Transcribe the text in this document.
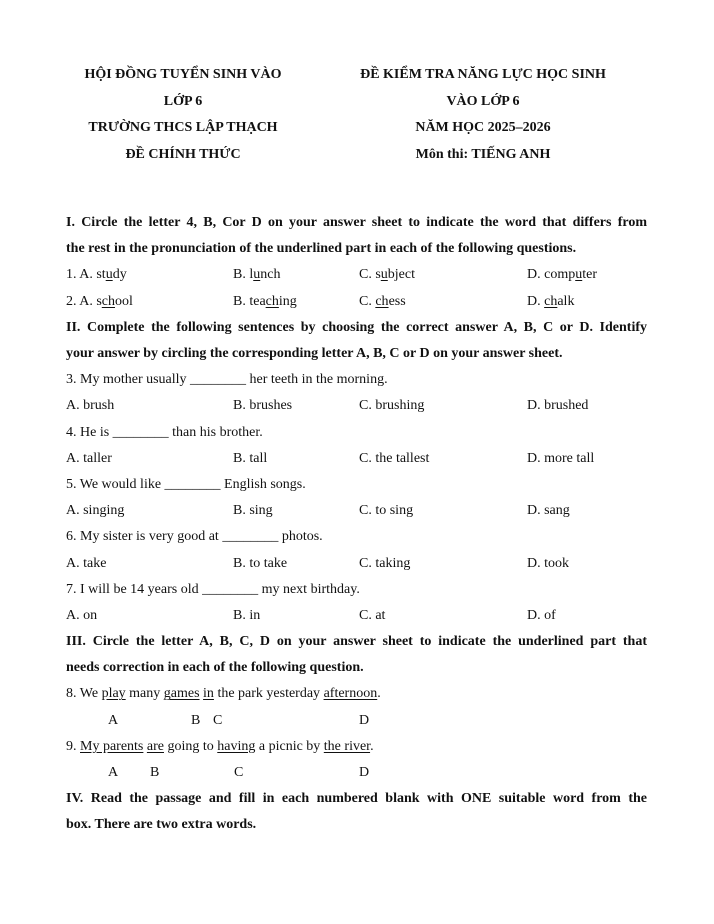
HỘI ĐỒNG TUYỂN SINH VÀO
LỚP 6
TRƯỜNG THCS LẬP THẠCH
ĐỀ CHÍNH THỨC
ĐỀ KIỂM TRA NĂNG LỰC HỌC SINH
VÀO LỚP 6
NĂM HỌC 2025–2026
Môn thi: TIẾNG ANH
I. Circle the letter 4, B, Cor D on your answer sheet to indicate the word that differs from
the rest in the pronunciation of the underlined part in each of the following questions.
1. A. study	B. lunch	C. subject	D. computer
2. A. school	B. teaching	C. chess	D. chalk
II. Complete the following sentences by choosing the correct answer A, B, C or D. Identify
your answer by circling the corresponding letter A, B, C or D on your answer sheet.
3. My mother usually ________ her teeth in the morning.
A. brush	B. brushes	C. brushing	D. brushed
4. He is ________ than his brother.
A. taller	B. tall	C. the tallest	D. more tall
5. We would like ________ English songs.
A. singing	B. sing	C. to sing	D. sang
6. My sister is very good at ________ photos.
A. take	B. to take	C. taking	D. took
7. I will be 14 years old ________ my next birthday.
A. on	B. in	C. at	D. of
III. Circle the letter A, B, C, D on your answer sheet to indicate the underlined part that
needs correction in each of the following question.
8. We play many games in the park yesterday afternoon.
A	B C	D
9. My parents are going to having a picnic by the river.
A B	C	D
IV. Read the passage and fill in each numbered blank with ONE suitable word from the
box. There are two extra words.
